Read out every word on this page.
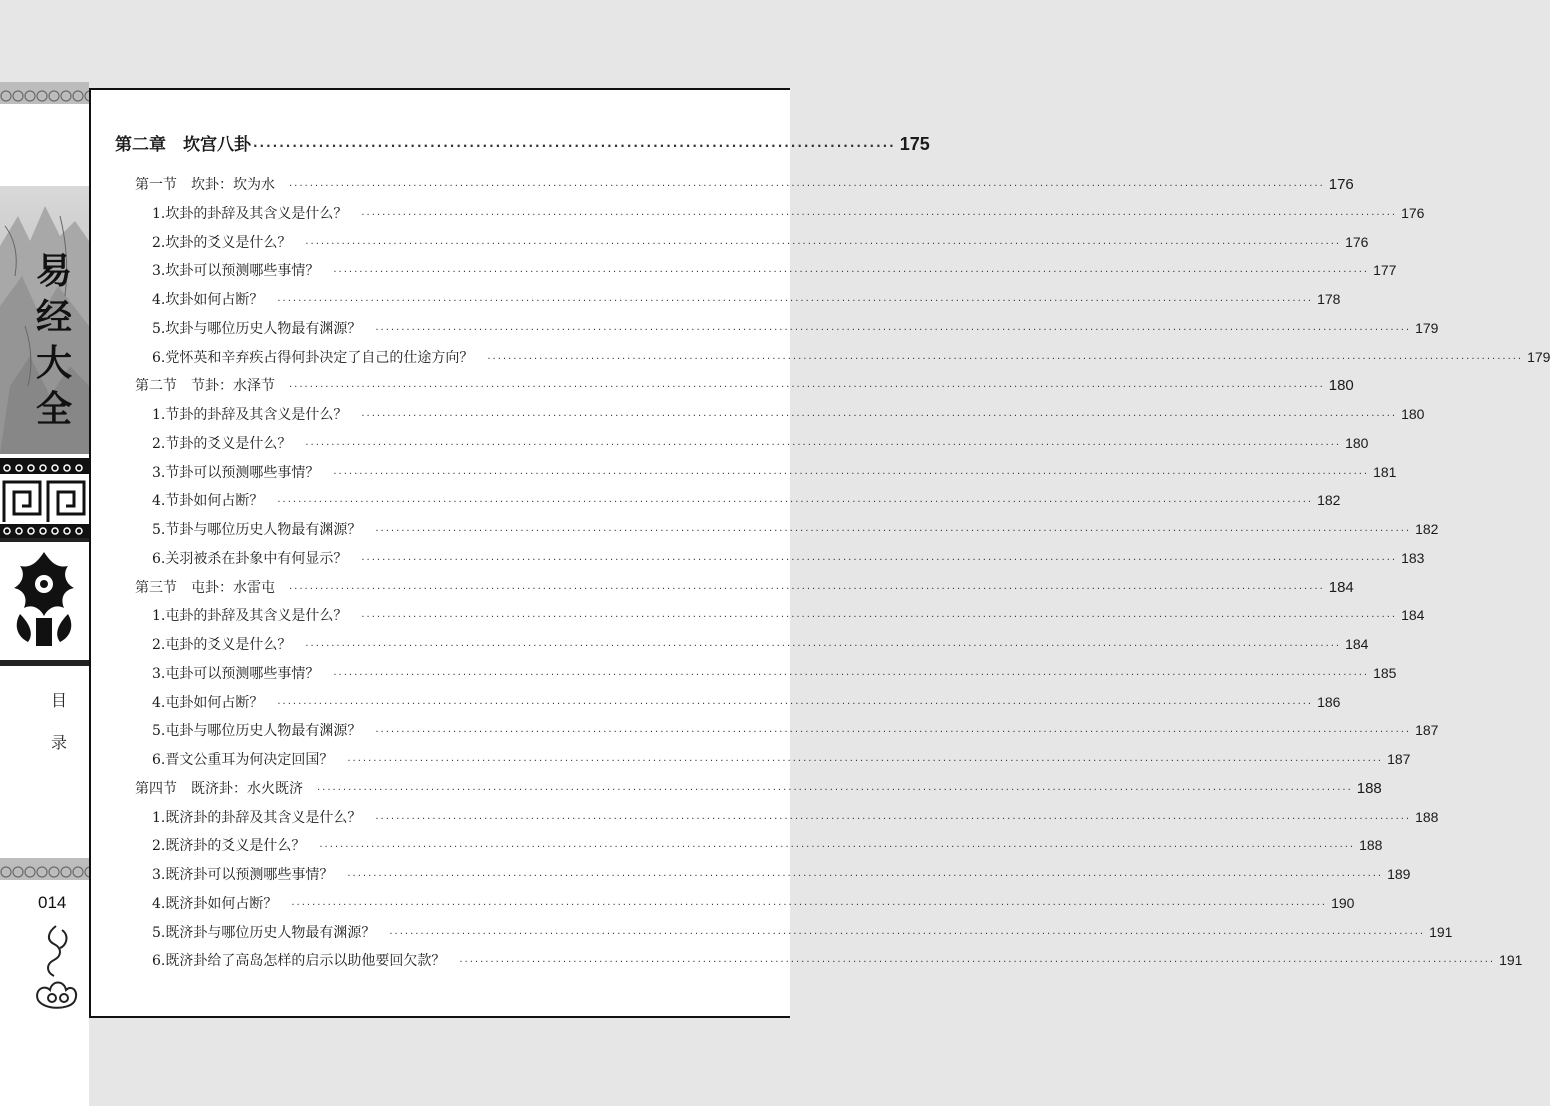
易经大全
目
录
014
第二章　坎宫八卦 ·································································································· 175
第一节　坎卦：坎为水 ········································································································································································································ 176
1.坎卦的卦辞及其含义是什么？ ········································································································································································································ 176
2.坎卦的爻义是什么？ ········································································································································································································ 176
3.坎卦可以预测哪些事情？ ········································································································································································································ 177
4.坎卦如何占断？ ········································································································································································································ 178
5.坎卦与哪位历史人物最有渊源？ ········································································································································································································ 179
6.党怀英和辛弃疾占得何卦决定了自己的仕途方向？ ········································································································································································································ 179
第二节　节卦：水泽节 ········································································································································································································ 180
1.节卦的卦辞及其含义是什么？ ········································································································································································································ 180
2.节卦的爻义是什么？ ········································································································································································································ 180
3.节卦可以预测哪些事情？ ········································································································································································································ 181
4.节卦如何占断？ ········································································································································································································ 182
5.节卦与哪位历史人物最有渊源？ ········································································································································································································ 182
6.关羽被杀在卦象中有何显示？ ········································································································································································································ 183
第三节　屯卦：水雷屯 ········································································································································································································ 184
1.屯卦的卦辞及其含义是什么？ ········································································································································································································ 184
2.屯卦的爻义是什么？ ········································································································································································································ 184
3.屯卦可以预测哪些事情？ ········································································································································································································ 185
4.屯卦如何占断？ ········································································································································································································ 186
5.屯卦与哪位历史人物最有渊源？ ········································································································································································································ 187
6.晋文公重耳为何决定回国？ ········································································································································································································ 187
第四节　既济卦：水火既济 ········································································································································································································ 188
1.既济卦的卦辞及其含义是什么？ ········································································································································································································ 188
2.既济卦的爻义是什么？ ········································································································································································································ 188
3.既济卦可以预测哪些事情？ ········································································································································································································ 189
4.既济卦如何占断？ ········································································································································································································ 190
5.既济卦与哪位历史人物最有渊源？ ········································································································································································································ 191
6.既济卦给了高岛怎样的启示以助他要回欠款？ ········································································································································································································ 191
